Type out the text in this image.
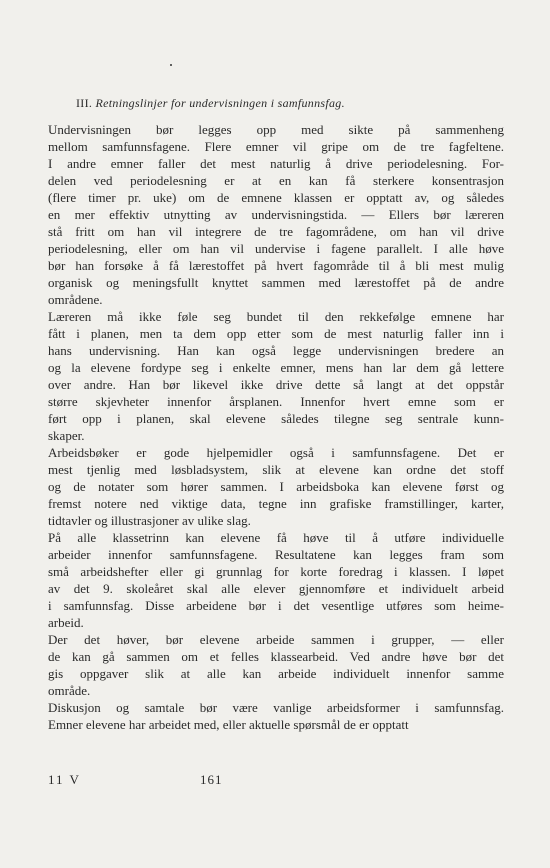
III. Retningslinjer for undervisningen i samfunnsfag.

Undervisningen bør legges opp med sikte på sammenheng
mellom samfunnsfagene. Flere emner vil gripe om de tre fagfeltene.
I andre emner faller det mest naturlig å drive periodelesning. For-
delen ved periodelesning er at en kan få sterkere konsentrasjon
(flere timer pr. uke) om de emnene klassen er opptatt av, og således
en mer effektiv utnytting av undervisningstida. — Ellers bør læreren
stå fritt om han vil integrere de tre fagområdene, om han vil drive
periodelesning, eller om han vil undervise i fagene parallelt. I alle høve
bør han forsøke å få lærestoffet på hvert fagområde til å bli mest mulig
organisk og meningsfullt knyttet sammen med lærestoffet på de andre
områdene.

Læreren må ikke føle seg bundet til den rekkefølge emnene har
fått i planen, men ta dem opp etter som de mest naturlig faller inn i
hans undervisning. Han kan også legge undervisningen bredere an
og la elevene fordype seg i enkelte emner, mens han lar dem gå lettere
over andre. Han bør likevel ikke drive dette så langt at det oppstår
større skjevheter innenfor årsplanen. Innenfor hvert emne som er
ført opp i planen, skal elevene således tilegne seg sentrale kunn-
skaper.

Arbeidsbøker er gode hjelpemidler også i samfunnsfagene. Det er
mest tjenlig med løsbladsystem, slik at elevene kan ordne det stoff
og de notater som hører sammen. I arbeidsboka kan elevene først og
fremst notere ned viktige data, tegne inn grafiske framstillinger, karter,
tidtavler og illustrasjoner av ulike slag.

På alle klassetrinn kan elevene få høve til å utføre individuelle
arbeider innenfor samfunnsfagene. Resultatene kan legges fram som
små arbeidshefter eller gi grunnlag for korte foredrag i klassen. I løpet
av det 9. skoleåret skal alle elever gjennomføre et individuelt arbeid
i samfunnsfag. Disse arbeidene bør i det vesentlige utføres som heime-
arbeid.

Der det høver, bør elevene arbeide sammen i grupper, — eller
de kan gå sammen om et felles klassearbeid. Ved andre høve bør det
gis oppgaver slik at alle kan arbeide individuelt innenfor samme
område.

Diskusjon og samtale bør være vanlige arbeidsformer i samfunnsfag.
Emner elevene har arbeidet med, eller aktuelle spørsmål de er opptatt

11 V	161
